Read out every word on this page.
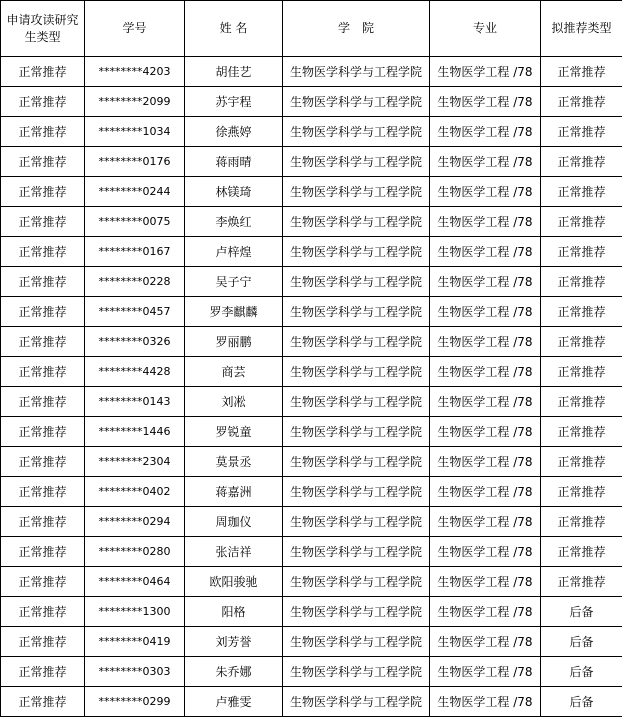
申请攻读研究生类型	学号	姓 名	学　院	专业	拟推荐类型
正常推荐	********4203	胡佳艺	生物医学科学与工程学院	生物医学工程 /78	正常推荐
正常推荐	********2099	苏宇程	生物医学科学与工程学院	生物医学工程 /78	正常推荐
正常推荐	********1034	徐燕婷	生物医学科学与工程学院	生物医学工程 /78	正常推荐
正常推荐	********0176	蒋雨晴	生物医学科学与工程学院	生物医学工程 /78	正常推荐
正常推荐	********0244	林镁琦	生物医学科学与工程学院	生物医学工程 /78	正常推荐
正常推荐	********0075	李焕红	生物医学科学与工程学院	生物医学工程 /78	正常推荐
正常推荐	********0167	卢梓煌	生物医学科学与工程学院	生物医学工程 /78	正常推荐
正常推荐	********0228	吴子宁	生物医学科学与工程学院	生物医学工程 /78	正常推荐
正常推荐	********0457	罗李麒麟	生物医学科学与工程学院	生物医学工程 /78	正常推荐
正常推荐	********0326	罗丽鹏	生物医学科学与工程学院	生物医学工程 /78	正常推荐
正常推荐	********4428	商芸	生物医学科学与工程学院	生物医学工程 /78	正常推荐
正常推荐	********0143	刘凇	生物医学科学与工程学院	生物医学工程 /78	正常推荐
正常推荐	********1446	罗锐童	生物医学科学与工程学院	生物医学工程 /78	正常推荐
正常推荐	********2304	莫景丞	生物医学科学与工程学院	生物医学工程 /78	正常推荐
正常推荐	********0402	蒋嘉洲	生物医学科学与工程学院	生物医学工程 /78	正常推荐
正常推荐	********0294	周珈仪	生物医学科学与工程学院	生物医学工程 /78	正常推荐
正常推荐	********0280	张洁祥	生物医学科学与工程学院	生物医学工程 /78	正常推荐
正常推荐	********0464	欧阳骏驰	生物医学科学与工程学院	生物医学工程 /78	正常推荐
正常推荐	********1300	阳格	生物医学科学与工程学院	生物医学工程 /78	后备
正常推荐	********0419	刘芳誉	生物医学科学与工程学院	生物医学工程 /78	后备
正常推荐	********0303	朱乔娜	生物医学科学与工程学院	生物医学工程 /78	后备
正常推荐	********0299	卢雅雯	生物医学科学与工程学院	生物医学工程 /78	后备
